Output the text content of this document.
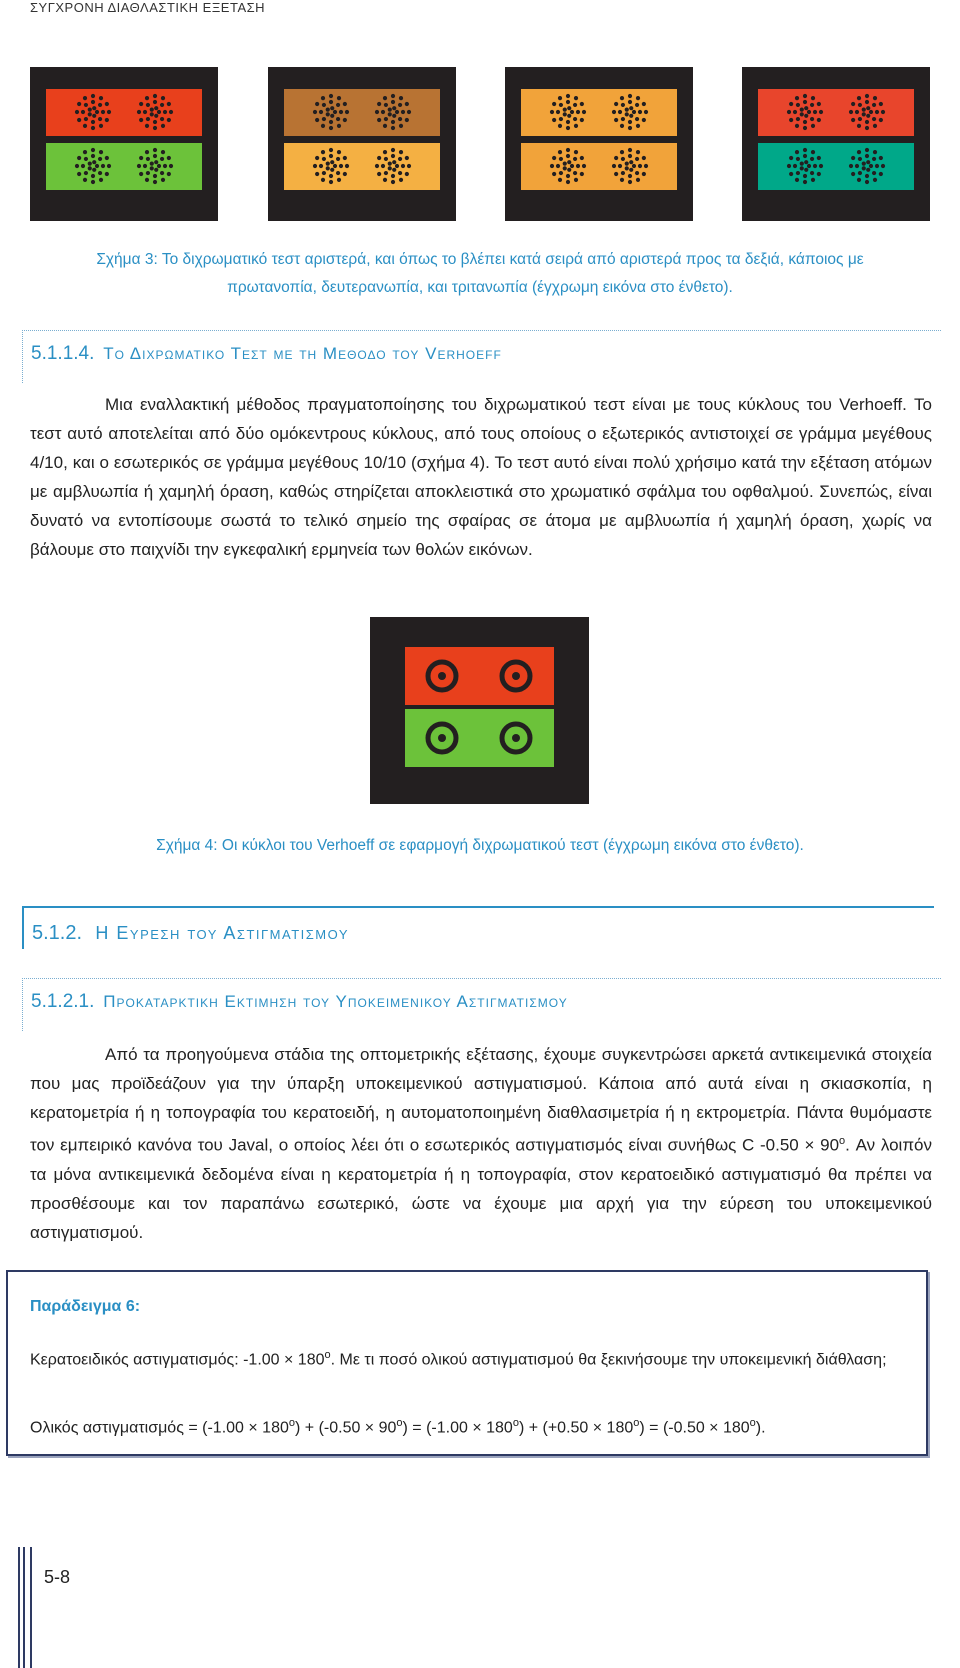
ΣΥΓΧΡΟΝΗ ΔΙΑΘΛΑΣΤΙΚΗ ΕΞΕΤΑΣΗ
Σχήμα 3: Το διχρωματικό τεστ αριστερά, και όπως το βλέπει κατά σειρά από αριστερά προς τα δεξιά, κάποιος με
πρωτανοπία, δευτερανωπία, και τριτανωπία (έγχρωμη εικόνα στο ένθετο).
5.1.1.4. Το Διχρωματικο Τεστ με τη Μεθοδο του Verhoeff
Μια εναλλακτική μέθοδος πραγματοποίησης του διχρωματικού τεστ είναι με τους κύκλους του Verhoeff. Το τεστ αυτό αποτελείται από δύο ομόκεντρους κύκλους, από τους οποίους ο εξωτερικός αντιστοιχεί σε γράμμα μεγέθους 4/10, και ο εσωτερικός σε γράμμα μεγέθους 10/10 (σχήμα 4). Το τεστ αυτό είναι πολύ χρήσιμο κατά την εξέταση ατόμων με αμβλυωπία ή χαμηλή όραση, καθώς στηρίζεται αποκλειστικά στο χρωματικό σφάλμα του οφθαλμού. Συνεπώς, είναι δυνατό να εντοπίσουμε σωστά το τελικό σημείο της σφαίρας σε άτομα με αμβλυωπία ή χαμηλή όραση, χωρίς να βάλουμε στο παιχνίδι την εγκεφαλική ερμηνεία των θολών εικόνων.
Σχήμα 4: Οι κύκλοι του Verhoeff σε εφαρμογή διχρωματικού τεστ (έγχρωμη εικόνα στο ένθετο).
5.1.2. Η Ευρεση του Αστιγματισμου
5.1.2.1. Προκαταρκτικη Εκτιμηση του Υποκειμενικου Αστιγματισμου
Από τα προηγούμενα στάδια της οπτομετρικής εξέτασης, έχουμε συγκεντρώσει αρκετά αντικειμενικά στοιχεία που μας προϊδεάζουν για την ύπαρξη υποκειμενικού αστιγματισμού. Κάποια από αυτά είναι η σκιασκοπία, η κερατομετρία ή η τοπογραφία του κερατοειδή, η αυτοματοποιημένη διαθλασιμετρία ή η εκτρομετρία. Πάντα θυμόμαστε τον εμπειρικό κανόνα του Javal, ο οποίος λέει ότι ο εσωτερικός αστιγματισμός είναι συνήθως C $-0.50 \times 90^o$. Αν λοιπόν τα μόνα αντικειμενικά δεδομένα είναι η κερατομετρία ή η τοπογραφία, στον κερατοειδικό αστιγματισμό θα πρέπει να προσθέσουμε και τον παραπάνω εσωτερικό, ώστε να έχουμε μια αρχή για την εύρεση του υποκειμενικού αστιγματισμού.
Παράδειγμα 6:
Κερατοειδικός αστιγματισμός: $-1.00 \times 180^o$. Με τι ποσό ολικού αστιγματισμού θα ξεκινήσουμε την υποκειμενική διάθλαση;
Ολικός $\alpha\sigma\tau\iota\gamma\mu\alpha\tau\iota\sigma\mu ό\varsigma = (-1.00 \times 180^o) + (-0.50 \times 90^o) = (-1.00 \times 180^o) + (+0.50 \times 180^o) = (-0.50 \times 180^o)$.
5-8
